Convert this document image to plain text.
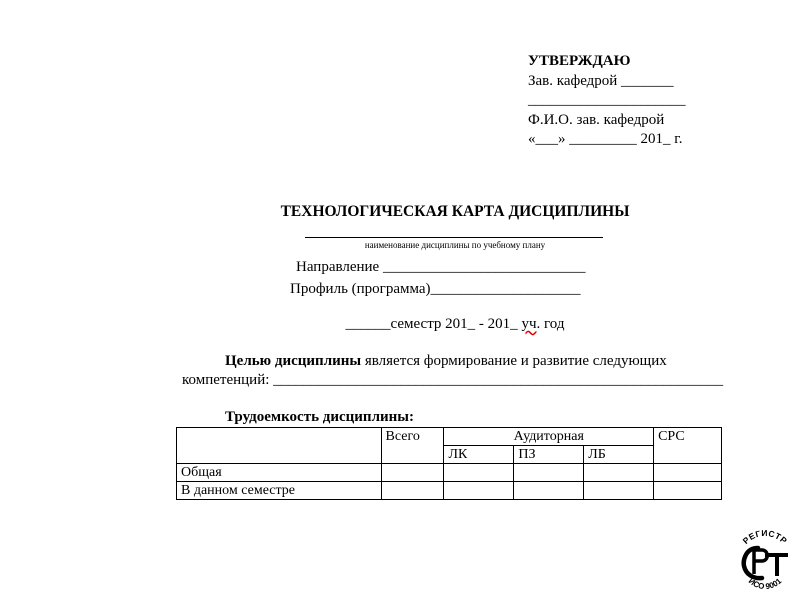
УТВЕРЖДАЮ
Зав. кафедрой _______
_____________________
Ф.И.О. зав. кафедрой
«___» _________ 201_ г.
ТЕХНОЛОГИЧЕСКАЯ КАРТА ДИСЦИПЛИНЫ
наименование дисциплины по учебному плану
Направление ___________________________
Профиль (программа)____________________
______семестр 201_ - 201_ уч. год
Целью дисциплины является формирование и развитие следующих
компетенций: ____________________________________________________________
Трудоемкость дисциплины:
	Всего	Аудиторная			СРС
		ЛК	ПЗ	ЛБ	
Общая					
В данном семестре					
РЕГИСТР
ИСО 9001
